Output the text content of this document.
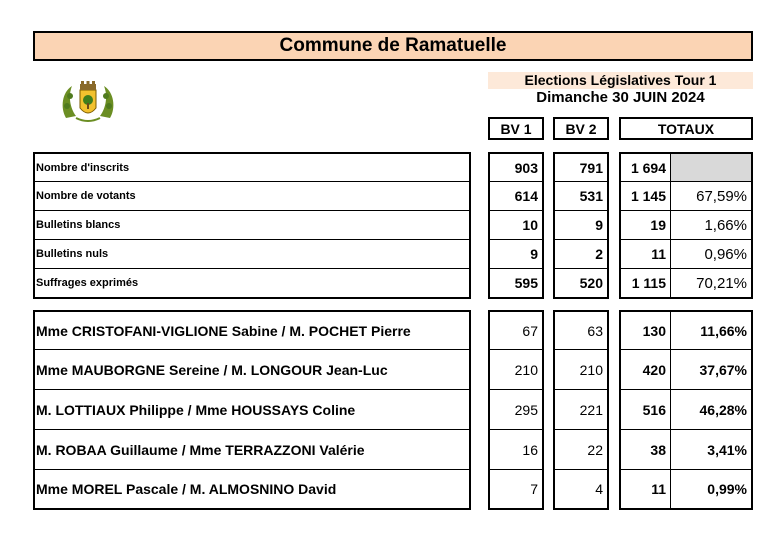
Commune de Ramatuelle
Elections Législatives Tour 1
Dimanche 30 JUIN 2024
BV 1	BV 2	TOTAUX
Nombre d'inscrits	903	791	1 694
Nombre de votants	614	531	1 145	67,59%
Bulletins blancs	10	9	19	1,66%
Bulletins nuls	9	2	11	0,96%
Suffrages exprimés	595	520	1 115	70,21%
Mme CRISTOFANI-VIGLIONE Sabine / M. POCHET Pierre	67	63	130	11,66%
Mme MAUBORGNE Sereine / M. LONGOUR Jean-Luc	210	210	420	37,67%
M. LOTTIAUX Philippe / Mme HOUSSAYS Coline	295	221	516	46,28%
M. ROBAA Guillaume / Mme TERRAZZONI Valérie	16	22	38	3,41%
Mme MOREL Pascale / M. ALMOSNINO David	7	4	11	0,99%
